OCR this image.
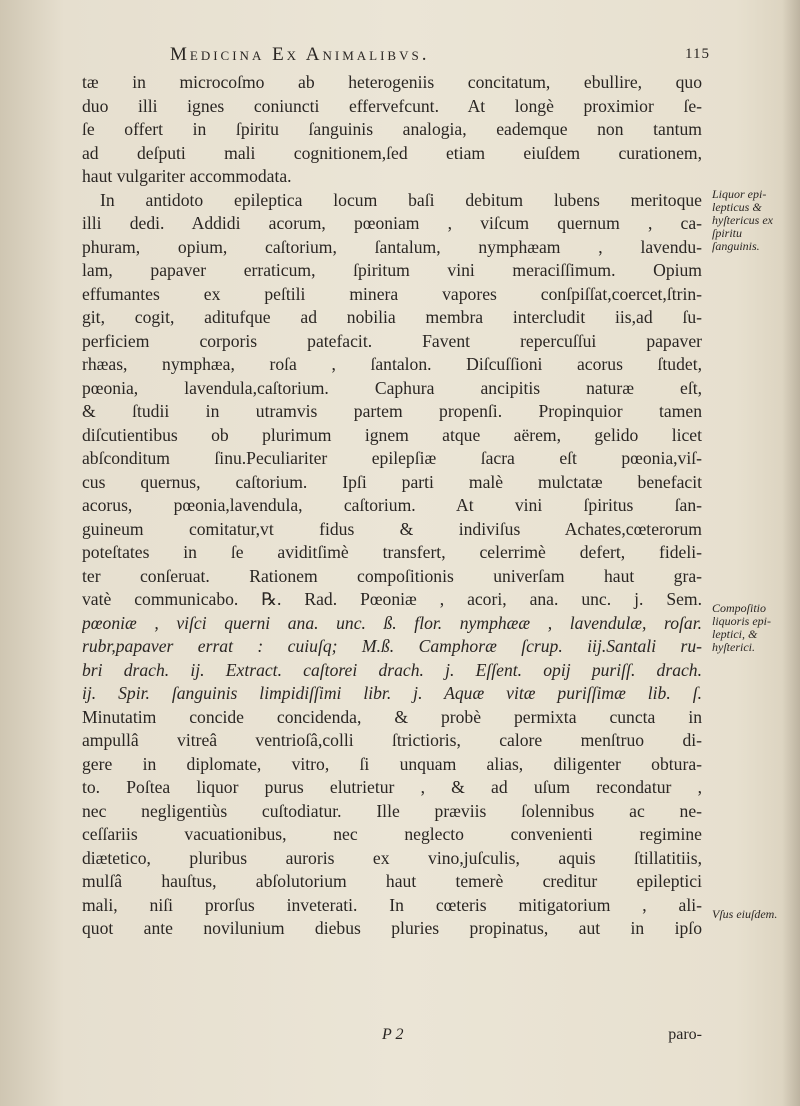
Medicina Ex Animalibvs.	115
tæ in microcoſmo ab heterogeniis concitatum, ebullire, quo
duo illi ignes coniuncti effervefcunt. At longè proximior ſe-
ſe offert in ſpiritu ſanguinis analogia, eademque non tantum
ad deſputi mali cognitionem,ſed etiam eiuſdem curationem,
haut vulgariter accommodata.
In antidoto epileptica locum baſi debitum lubens meritoque
illi dedi. Addidi acorum, pœoniam , viſcum quernum , ca-
phuram, opium, caſtorium, ſantalum, nymphæam , lavendu-
lam, papaver erraticum, ſpiritum vini meraciſſimum. Opium
effumantes ex peſtili minera vapores conſpiſſat,coercet,ſtrin-
git, cogit, aditufque ad nobilia membra intercludit iis,ad ſu-
perficiem corporis patefacit. Favent repercuſſui papaver
rhæas, nymphæa, roſa , ſantalon. Diſcuſſioni acorus ſtudet,
pœonia, lavendula,caſtorium. Caphura ancipitis naturæ eſt,
& ſtudii in utramvis partem propenſi. Propinquior tamen
diſcutientibus ob plurimum ignem atque aërem, gelido licet
abſconditum ſinu.Peculiariter epilepſiæ ſacra eſt pœonia,viſ-
cus quernus, caſtorium. Ipſi parti malè mulctatæ benefacit
acorus, pœonia,lavendula, caſtorium. At vini ſpiritus ſan-
guineum comitatur,vt fidus & indiviſus Achates,cœterorum
poteſtates in ſe aviditſimè transfert, celerrimè defert, fideli-
ter conſeruat. Rationem compoſitionis univerſam haut gra-
vatè communicabo. ℞. Rad. Pœoniæ , acori, ana. unc. j. Sem.
pœoniæ , viſci querni ana. unc. ß. flor. nymphææ , lavendulæ, roſar.
rubr,papaver errat : cuiuſq; M.ß. Camphoræ ſcrup. iij.Santali ru-
bri drach. ij. Extract. caſtorei drach. j. Eſſent. opij puriſſ. drach.
ij. Spir. ſanguinis limpidiſſimi libr. j. Aquæ vitæ puriſſimæ lib. ſ.
Minutatim concide concidenda, & probè permixta cuncta in
ampullâ vitreâ ventrioſâ,colli ſtrictioris, calore menſtruo di-
gere in diplomate, vitro, ſi unquam alias, diligenter obtura-
to. Poſtea liquor purus elutrietur , & ad uſum recondatur ,
nec negligentiùs cuſtodiatur. Ille præviis ſolennibus ac ne-
ceſſariis vacuationibus, nec neglecto convenienti regimine
diætetico, pluribus auroris ex vino,juſculis, aquis ſtillatitiis,
mulſâ hauſtus, abſolutorium haut temerè creditur epileptici
mali, niſi prorſus inveterati. In cœteris mitigatorium , ali-
quot ante novilunium diebus pluries propinatus, aut in ipſo
Liquor epilepticus & hyſtericus ex ſpiritu ſanguinis.
Compoſitio liquoris epileptici, & hyſterici.
Vſus eiuſdem.
P 2	paro-
